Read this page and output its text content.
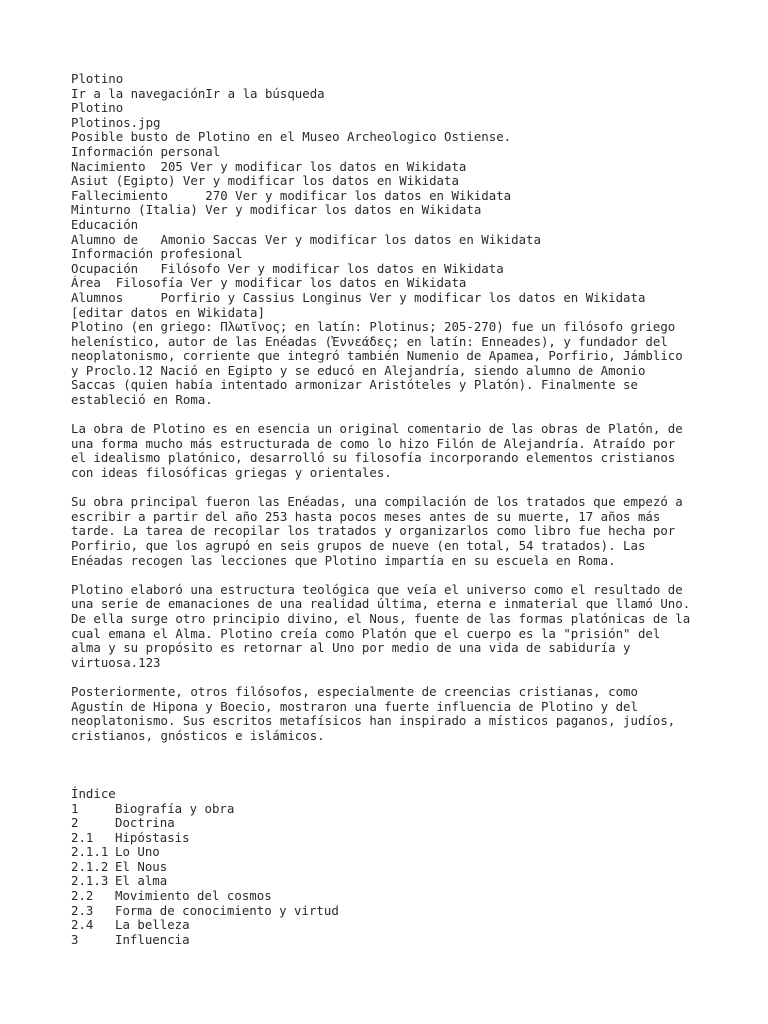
Plotino
Ir a la navegaciónIr a la búsqueda
Plotino
Plotinos.jpg
Posible busto de Plotino en el Museo Archeologico Ostiense.
Información personal
Nacimiento  205 Ver y modificar los datos en Wikidata
Asiut (Egipto) Ver y modificar los datos en Wikidata
Fallecimiento     270 Ver y modificar los datos en Wikidata
Minturno (Italia) Ver y modificar los datos en Wikidata
Educación
Alumno de   Amonio Saccas Ver y modificar los datos en Wikidata
Información profesional
Ocupación   Filósofo Ver y modificar los datos en Wikidata
Área  Filosofía Ver y modificar los datos en Wikidata
Alumnos     Porfirio y Cassius Longinus Ver y modificar los datos en Wikidata
[editar datos en Wikidata]
Plotino (en griego: Πλωτῖνος; en latín: Plotinus; 205-270) fue un filósofo griego
helenístico, autor de las Enéadas (Ἐννεάδες; en latín: Enneades), y fundador del
neoplatonismo, corriente que integró también Numenio de Apamea, Porfirio, Jámblico
y Proclo.12 Nació en Egipto y se educó en Alejandría, siendo alumno de Amonio
Saccas (quien había intentado armonizar Aristóteles y Platón). Finalmente se
estableció en Roma.
La obra de Plotino es en esencia un original comentario de las obras de Platón, de
una forma mucho más estructurada de como lo hizo Filón de Alejandría. Atraído por
el idealismo platónico, desarrolló su filosofía incorporando elementos cristianos
con ideas filosóficas griegas y orientales.
Su obra principal fueron las Enéadas, una compilación de los tratados que empezó a
escribir a partir del año 253 hasta pocos meses antes de su muerte, 17 años más
tarde. La tarea de recopilar los tratados y organizarlos como libro fue hecha por
Porfirio, que los agrupó en seis grupos de nueve (en total, 54 tratados). Las
Enéadas recogen las lecciones que Plotino impartía en su escuela en Roma.
Plotino elaboró una estructura teológica que veía el universo como el resultado de
una serie de emanaciones de una realidad última, eterna e inmaterial que llamó Uno.
De ella surge otro principio divino, el Nous, fuente de las formas platónicas de la
cual emana el Alma. Plotino creía como Platón que el cuerpo es la "prisión" del
alma y su propósito es retornar al Uno por medio de una vida de sabiduría y
virtuosa.123
Posteriormente, otros filósofos, especialmente de creencias cristianas, como
Agustín de Hipona y Boecio, mostraron una fuerte influencia de Plotino y del
neoplatonismo. Sus escritos metafísicos han inspirado a místicos paganos, judíos,
cristianos, gnósticos e islámicos.
Índice
1	Biografía y obra
2	Doctrina
2.1 Hipóstasis
2.1.1 Lo Uno
2.1.2 El Nous
2.1.3 El alma
2.2 Movimiento del cosmos
2.3 Forma de conocimiento y virtud
2.4 La belleza
3	Influencia
